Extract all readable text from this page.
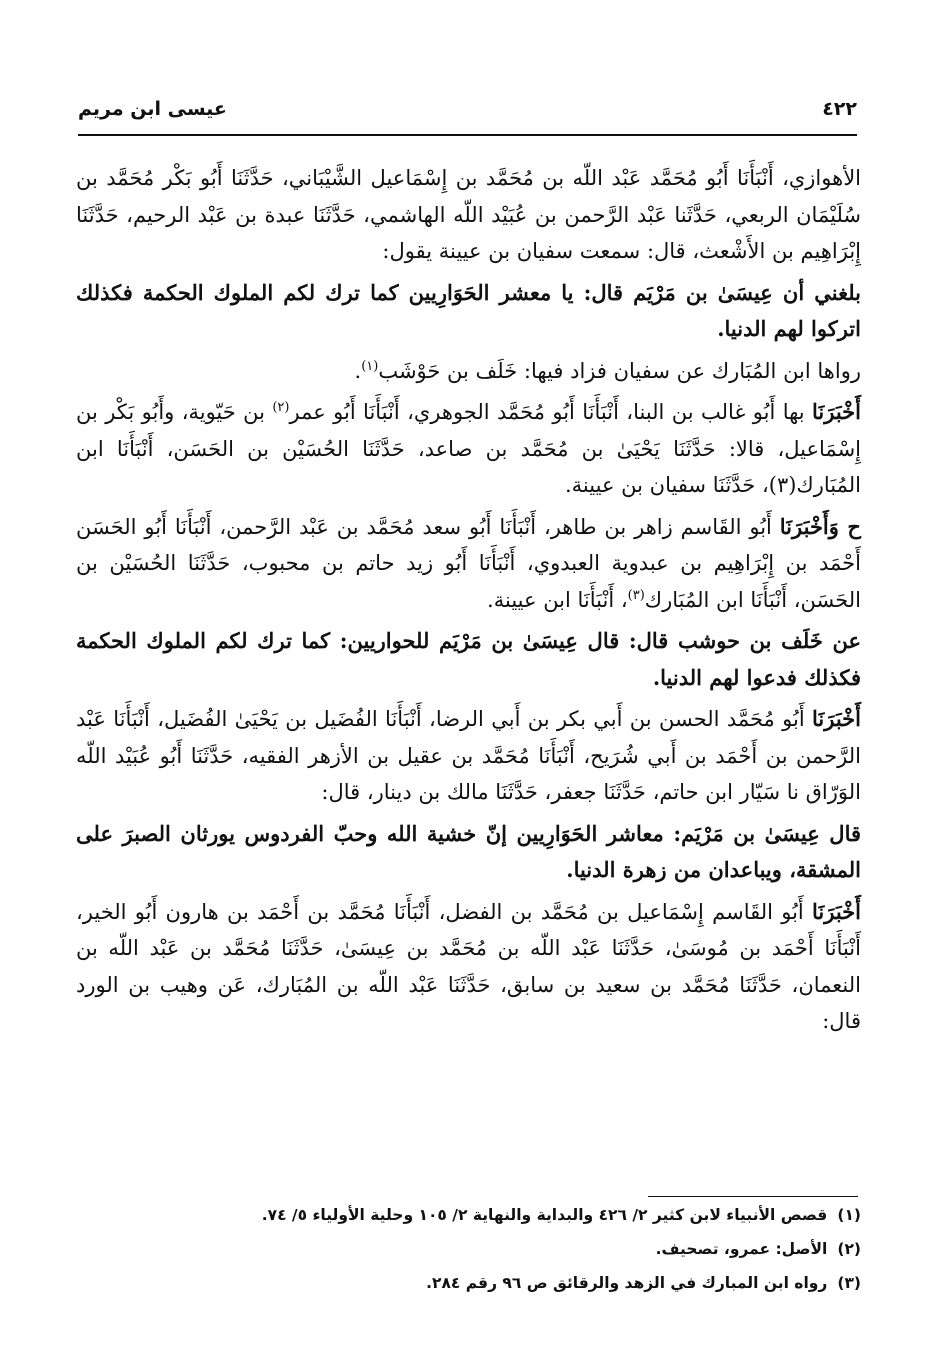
٤٢٢
عيسى ابن مريم

الأهوازي، أَنْبَأَنَا أَبُو مُحَمَّد عَبْد اللّه بن مُحَمَّد بن إِسْمَاعيل الشَّيْبَاني، حَدَّثَنَا أَبُو بَكْر مُحَمَّد بن سُلَيْمَان الربعي، حَدَّثَنا عَبْد الرَّحمن بن عُبَيْد اللّه الهاشمي، حَدَّثَنَا عبدة بن عَبْد الرحيم، حَدَّثَنَا إِبْرَاهِيم بن الأَشْعث، قال: سمعت سفيان بن عيينة يقول:

بلغني أن عِيسَىٰ بن مَرْيَم قال: يا معشر الحَوَارِيين كما ترك لكم الملوك الحكمة فكذلك اتركوا لهم الدنيا.

رواها ابن المُبَارك عن سفيان فزاد فيها: خَلَف بن حَوْشَب$^{(١)}$.

أَخْبَرَنَا بها أَبُو غالب بن البنا، أَنْبَأَنَا أَبُو مُحَمَّد الجوهري، أَنْبَأَنَا أَبُو عمر$^{(٢)}$ بن حَيّوية، وأَبُو بَكْر بن إِسْمَاعيل، قالا: حَدَّثَنَا يَحْيَىٰ بن مُحَمَّد بن صاعد، حَدَّثَنَا الحُسَيْن بن الحَسَن، أَنْبَأَنَا ابن المُبَارك(٣)، حَدَّثَنَا سفيان بن عيينة.

ح وَأَخْبَرَنَا أَبُو القَاسم زاهر بن طاهر، أَنْبَأَنَا أَبُو سعد مُحَمَّد بن عَبْد الرَّحمن، أَنْبَأَنَا أَبُو الحَسَن أَحْمَد بن إِبْرَاهِيم بن عبدوية العبدوي، أَنْبَأَنَا أَبُو زيد حاتم بن محبوب، حَدَّثَنَا الحُسَيْن بن الحَسَن، أَنْبَأَنَا ابن المُبَارك$^{(٣)}$، أَنْبَأَنَا ابن عيينة.

عن خَلَف بن حوشب قال: قال عِيسَىٰ بن مَرْيَم للحواريين: كما ترك لكم الملوك الحكمة فكذلك فدعوا لهم الدنيا.

أَخْبَرَنَا أَبُو مُحَمَّد الحسن بن أَبي بكر بن أَبي الرضا، أَنْبَأَنَا الفُضَيل بن يَحْيَىٰ الفُضَيل، أَنْبَأَنَا عَبْد الرَّحمن بن أَحْمَد بن أَبي شُرَيح، أَنْبَأَنَا مُحَمَّد بن عقيل بن الأزهر الفقيه، حَدَّثَنَا أَبُو عُبَيْد اللّه الوَرّاق نا سَيّار ابن حاتم، حَدَّثَنَا جعفر، حَدَّثَنَا مالك بن دينار، قال:

قال عِيسَىٰ بن مَرْيَم: معاشر الحَوَارِيين إنّ خشية الله وحبّ الفردوس يورثان الصبرَ على المشقة، ويباعدان من زهرة الدنيا.

أَخْبَرَنَا أَبُو القَاسم إِسْمَاعيل بن مُحَمَّد بن الفضل، أَنْبَأَنَا مُحَمَّد بن أَحْمَد بن هارون أَبُو الخير، أَنْبَأَنَا أَحْمَد بن مُوسَىٰ، حَدَّثَنَا عَبْد اللّه بن مُحَمَّد بن عِيسَىٰ، حَدَّثَنَا مُحَمَّد بن عَبْد اللّه بن النعمان، حَدَّثَنَا مُحَمَّد بن سعيد بن سابق، حَدَّثَنَا عَبْد اللّه بن المُبَارك، عَن وهيب بن الورد قال:

(١)قصص الأنبياء لابن كثير ٢/ ٤٢٦ والبداية والنهاية ٢/ ١٠٥ وحلية الأولياء ٥/ ٧٤.
(٢)الأصل: عمرو، تصحيف.
(٣)رواه ابن المبارك في الزهد والرقائق ص ٩٦ رقم ٢٨٤.
